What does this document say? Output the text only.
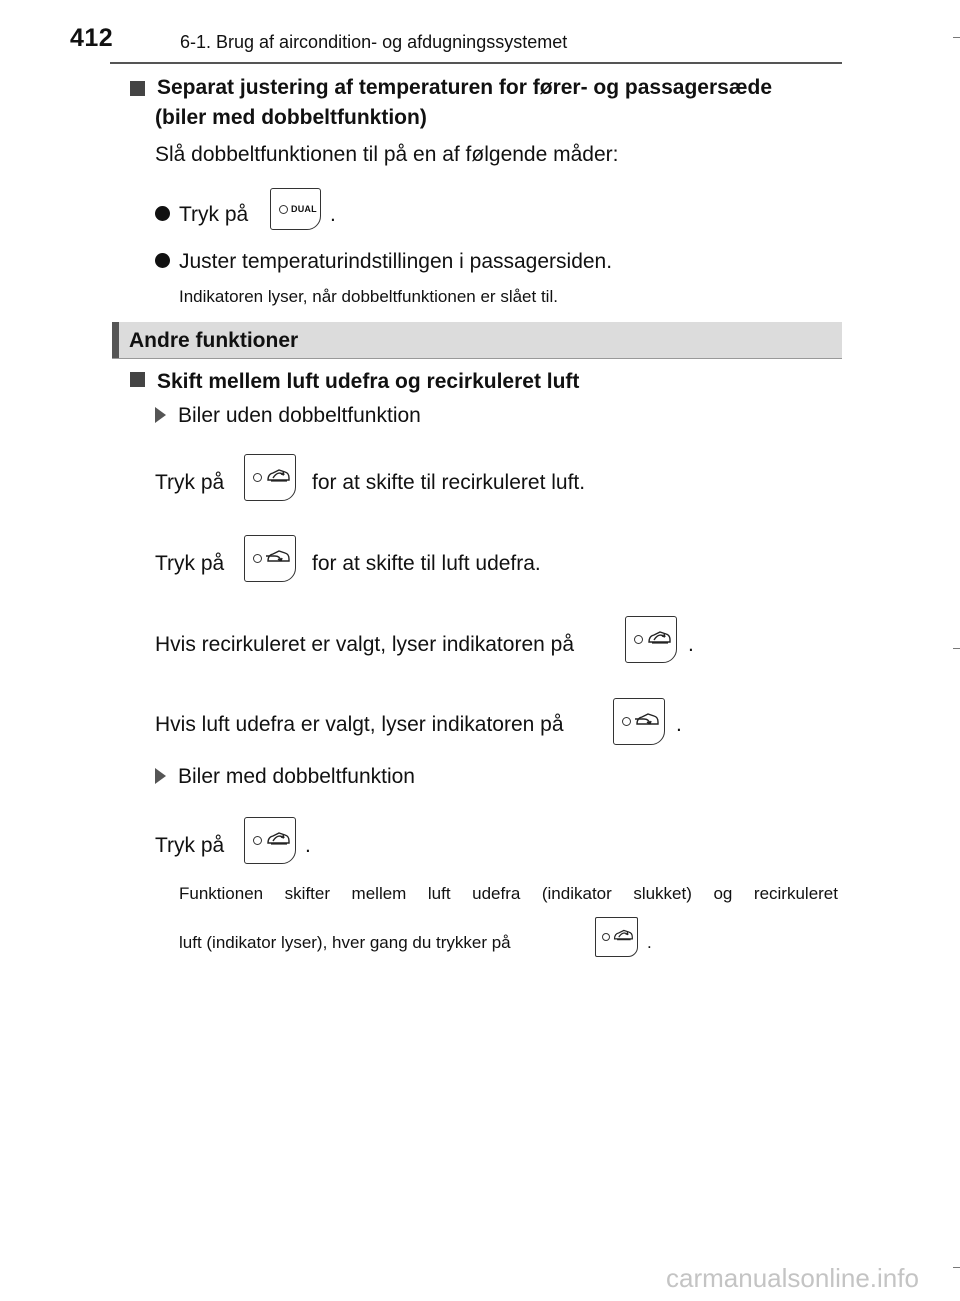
412	6-1. Brug af aircondition- og afdugningssystemet
Separat justering af temperaturen for fører- og passagersæde
(biler med dobbeltfunktion)
Slå dobbeltfunktionen til på en af følgende måder:
Tryk på	DUAL .
Juster temperaturindstillingen i passagersiden.
Indikatoren lyser, når dobbeltfunktionen er slået til.
Andre funktioner
Skift mellem luft udefra og recirkuleret luft
Biler uden dobbeltfunktion
Tryk på	for at skifte til recirkuleret luft.
Tryk på	for at skifte til luft udefra.
Hvis recirkuleret er valgt, lyser indikatoren på	.
Hvis luft udefra er valgt, lyser indikatoren på	.
Biler med dobbeltfunktion
Tryk på	.
Funktionen skifter mellem luft udefra (indikator slukket) og recirkuleret
luft (indikator lyser), hver gang du trykker på	.
carmanualsonline.info
